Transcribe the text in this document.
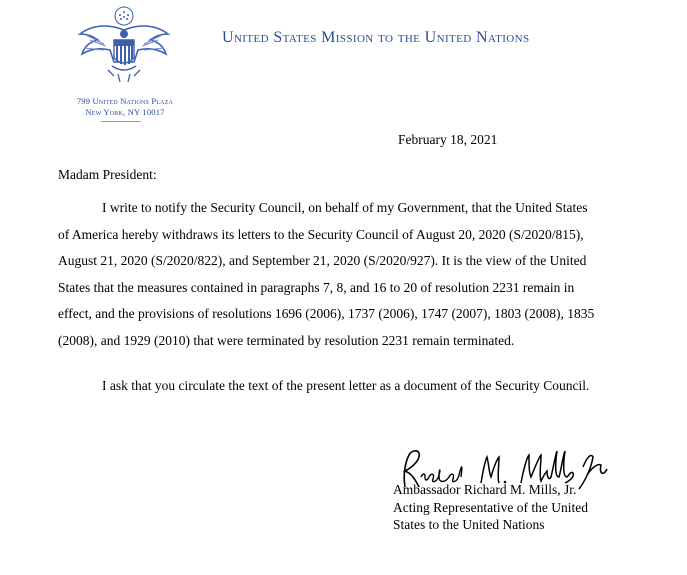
799 United Nations Plaza
New York, NY 10017
United States Mission to the United Nations
February 18, 2021
Madam President:
I write to notify the Security Council, on behalf of my Government, that the United States of America hereby withdraws its letters to the Security Council of August 20, 2020 (S/2020/815), August 21, 2020 (S/2020/822), and September 21, 2020 (S/2020/927). It is the view of the United States that the measures contained in paragraphs 7, 8, and 16 to 20 of resolution 2231 remain in effect, and the provisions of resolutions 1696 (2006), 1737 (2006), 1747 (2007), 1803 (2008), 1835 (2008), and 1929 (2010) that were terminated by resolution 2231 remain terminated.
I ask that you circulate the text of the present letter as a document of the Security Council.
Ambassador Richard M. Mills, Jr.
Acting Representative of the United
States to the United Nations
